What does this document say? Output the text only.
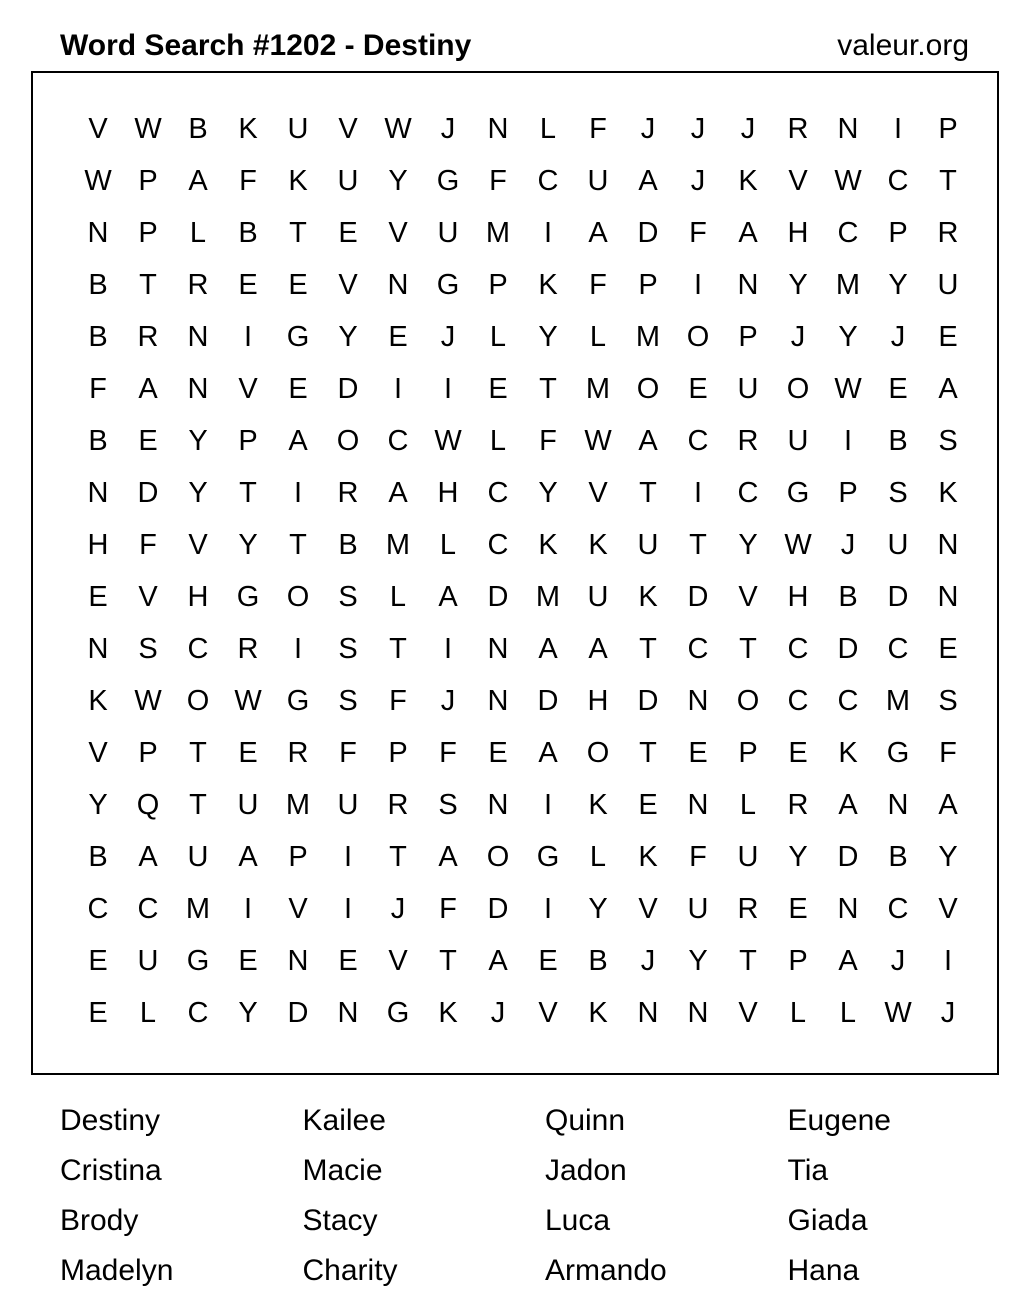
Word Search #1202 - Destiny	valeur.org
V W B	K	U	V W	J	N	L	F	J	J	J	R	N	I	P
W P	A	F	K	U	Y	G	F	C	U	A	J	K	V W C	T
N	P	L	B	T	E	V	U M	I	A	D	F	A	H	C	P	R
B	T	R	E	E	V	N G	P	K	F	P	I	N	Y M Y	U
B	R	N	I	G	Y	E	J	L	Y	L	M O	P	J	Y	J	E
F	A	N	V	E	D	I	I	E	T	M O	E	U O W E	A
B	E	Y	P	A	O C W L	F W A	C	R	U	I	B	S
N	D	Y	T	I	R	A	H	C	Y	V	T	I	C G	P	S	K
H	F	V	Y	T	B M	L	C	K	K	U	T	Y W	J	U	N
E	V	H G O	S	L	A	D M U	K	D	V	H	B	D	N
N	S	C	R	I	S	T	I	N	A	A	T	C	T	C	D	C	E
K W O W G	S	F	J	N	D	H	D	N O C	C M S
V	P	T	E	R	F	P	F	E	A	O	T	E	P	E	K	G	F
Y	Q	T	U M U	R	S	N	I	K	E	N	L	R	A	N	A
B	A	U	A	P	I	T	A	O G	L	K	F	U	Y	D	B	Y
C	C M	I	V	I	J	F	D	I	Y	V	U	R	E	N	C	V
E	U G	E	N	E	V	T	A	E	B	J	Y	T	P	A	J	I
E	L	C	Y	D	N G	K	J	V	K	N	N	V	L	L W	J
Destiny	Kailee	Quinn	Eugene
Cristina	Macie	Jadon	Tia
Brody	Stacy	Luca	Giada
Madelyn	Charity	Armando	Hana
